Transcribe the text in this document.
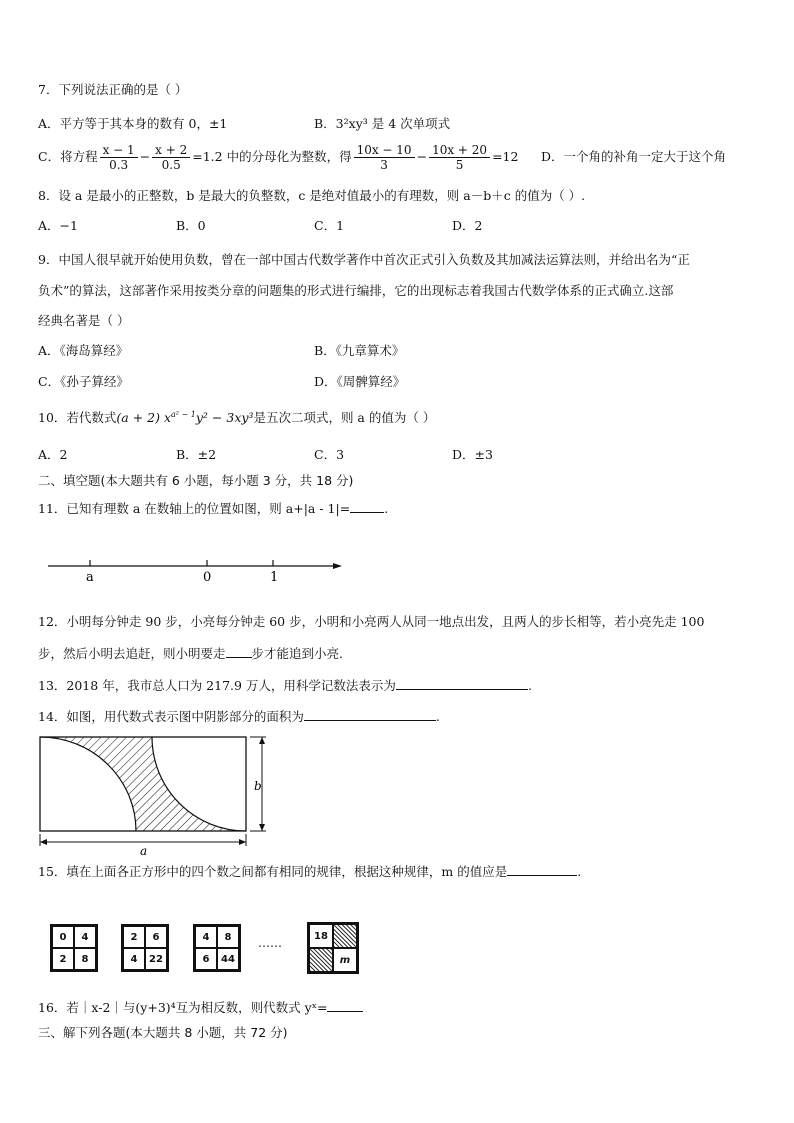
7．下列说法正确的是（ ）
A．平方等于其本身的数有 0，±1	B．3²xy³ 是 4 次单项式
C．将方程 $\frac{x - 1}{0.3} - \frac{x + 2}{0.5} =1.2$ 中的分母化为整数，得 $\frac{10x - 10}{3} - \frac{10x + 20}{5} =12$ D．一个角的补角一定大于这个角
8．设 a 是最小的正整数，b 是最大的负整数，c 是绝对值最小的有理数，则 a－b＋c 的值为（ ）.
A．−1	B．0	C．1	D．2
9．中国人很早就开始使用负数，曾在一部中国古代数学著作中首次正式引入负数及其加减法运算法则，并给出名为“正
负术”的算法，这部著作采用按类分章的问题集的形式进行编排，它的出现标志着我国古代数学体系的正式确立.这部
经典名著是（ ）
A．《海岛算经》	B．《九章算术》
C．《孙子算经》	D．《周髀算经》
10．若代数式(a + 2) $x^{a^2 - 1}y^2 - 3xy^3$是五次二项式，则 a 的值为（ ）
A．2	B．±2	C．3	D．±3
二、填空题(本大题共有 6 小题，每小题 3 分，共 18 分)
11．已知有理数 a 在数轴上的位置如图，则 a+|a - 1|=	.
a	0	1
12．小明每分钟走 90 步，小亮每分钟走 60 步，小明和小亮两人从同一地点出发，且两人的步长相等，若小亮先走 100
步，然后小明去追赶，则小明要走 步才能追到小亮.
13．2018 年，我市总人口为 217.9 万人，用科学记数法表示为	.
14．如图，用代数式表示图中阴影部分的面积为	.
a
b
15．填在上面各正方形中的四个数之间都有相同的规律，根据这种规律，m 的值应是	.
0	4
2	8
2	6
4	22
4	8
6	44
……	18
m
16．若｜x-2｜与(y+3)⁴互为相反数，则代数式 yˣ=
三、解下列各题(本大题共 8 小题，共 72 分)
